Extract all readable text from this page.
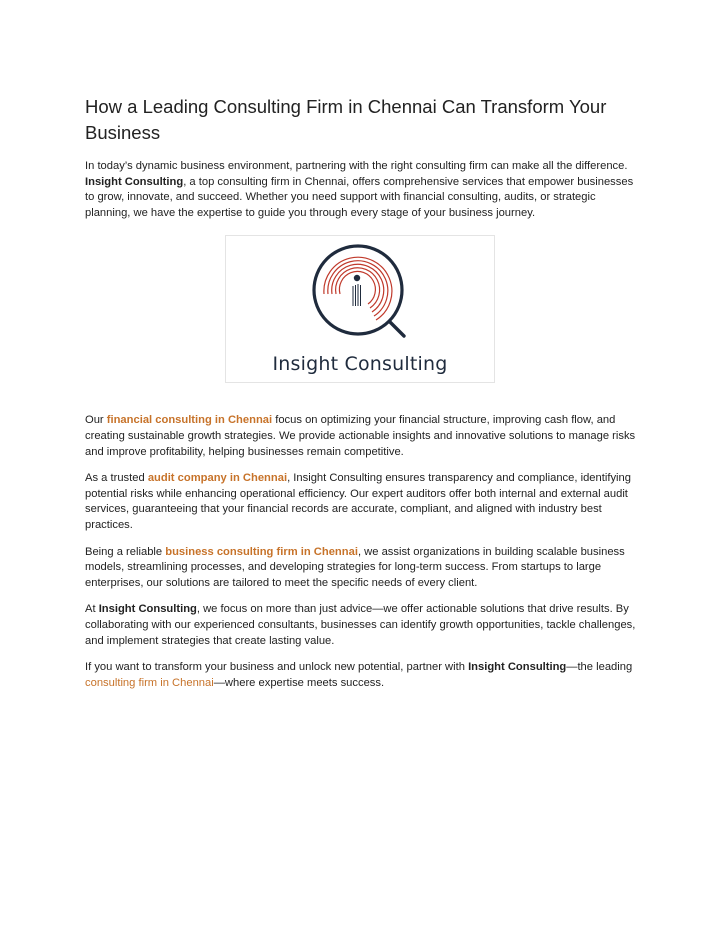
How a Leading Consulting Firm in Chennai Can Transform Your Business

In today’s dynamic business environment, partnering with the right consulting firm can make all the difference. Insight Consulting, a top consulting firm in Chennai, offers comprehensive services that empower businesses to grow, innovate, and succeed. Whether you need support with financial consulting, audits, or strategic planning, we have the expertise to guide you through every stage of your business journey.

Insight Consulting

Our financial consulting in Chennai focus on optimizing your financial structure, improving cash flow, and creating sustainable growth strategies. We provide actionable insights and innovative solutions to manage risks and improve profitability, helping businesses remain competitive.

As a trusted audit company in Chennai, Insight Consulting ensures transparency and compliance, identifying potential risks while enhancing operational efficiency. Our expert auditors offer both internal and external audit services, guaranteeing that your financial records are accurate, compliant, and aligned with industry best practices.

Being a reliable business consulting firm in Chennai, we assist organizations in building scalable business models, streamlining processes, and developing strategies for long-term success. From startups to large enterprises, our solutions are tailored to meet the specific needs of every client.

At Insight Consulting, we focus on more than just advice—we offer actionable solutions that drive results. By collaborating with our experienced consultants, businesses can identify growth opportunities, tackle challenges, and implement strategies that create lasting value.

If you want to transform your business and unlock new potential, partner with Insight Consulting—the leading consulting firm in Chennai—where expertise meets success.
